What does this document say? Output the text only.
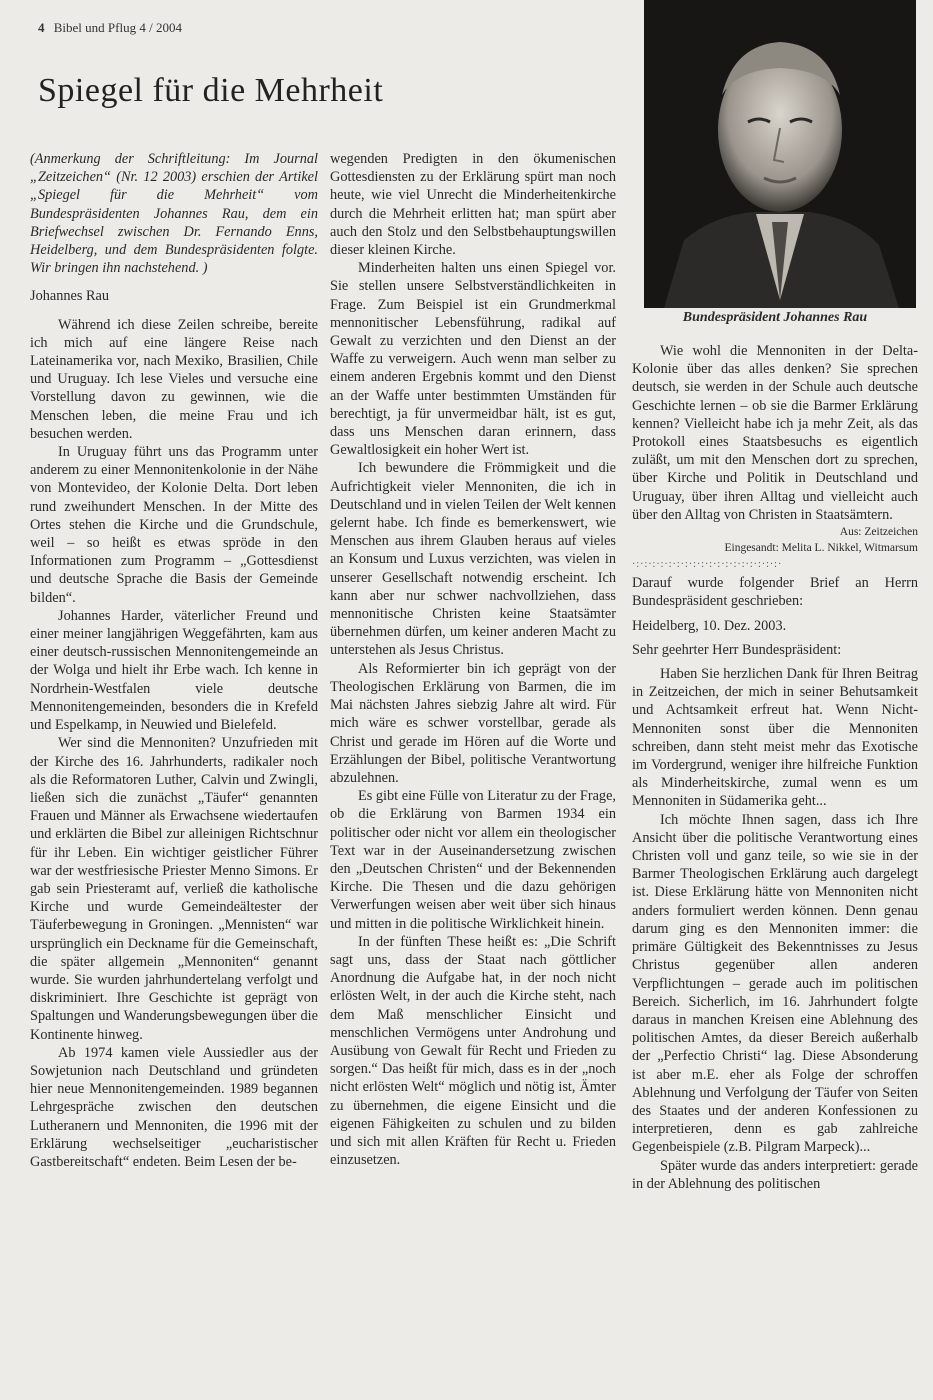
4 Bibel und Pflug 4 / 2004
Spiegel für die Mehrheit

(Anmerkung der Schriftleitung: Im Journal „Zeitzeichen“ (Nr. 12 2003) erschien der Artikel „Spiegel für die Mehrheit“ vom Bundespräsidenten Johannes Rau, dem ein Briefwechsel zwischen Dr. Fernando Enns, Heidelberg, und dem Bundespräsidenten folgte. Wir bringen ihn nachstehend. )

Johannes Rau

Während ich diese Zeilen schreibe, bereite ich mich auf eine längere Reise nach Lateinamerika vor, nach Mexiko, Brasilien, Chile und Uruguay. Ich lese Vieles und versuche eine Vorstellung davon zu gewinnen, wie die Menschen leben, die meine Frau und ich besuchen werden.

In Uruguay führt uns das Programm unter anderem zu einer Mennonitenkolonie in der Nähe von Montevideo, der Kolonie Delta. Dort leben rund zweihundert Menschen. In der Mitte des Ortes stehen die Kirche und die Grundschule, weil – so heißt es etwas spröde in den Informationen zum Programm – „Gottesdienst und deutsche Sprache die Basis der Gemeinde bilden“.

Johannes Harder, väterlicher Freund und einer meiner langjährigen Weggefährten, kam aus einer deutsch-russischen Mennonitengemeinde an der Wolga und hielt ihr Erbe wach. Ich kenne in Nordrhein-Westfalen viele deutsche Mennonitengemeinden, besonders die in Krefeld und Espelkamp, in Neuwied und Bielefeld.

Wer sind die Mennoniten? Unzufrieden mit der Kirche des 16. Jahrhunderts, radikaler noch als die Reformatoren Luther, Calvin und Zwingli, ließen sich die zunächst „Täufer“ genannten Frauen und Männer als Erwachsene wiedertaufen und erklärten die Bibel zur alleinigen Richtschnur für ihr Leben. Ein wichtiger geistlicher Führer war der westfriesische Priester Menno Simons. Er gab sein Priesteramt auf, verließ die katholische Kirche und wurde Gemeindeältester der Täuferbewegung in Groningen. „Mennisten“ war ursprünglich ein Deckname für die Gemeinschaft, die später allgemein „Mennoniten“ genannt wurde. Sie wurden jahrhundertelang verfolgt und diskriminiert. Ihre Geschichte ist geprägt von Spaltungen und Wanderungsbewegungen über die Kontinente hinweg.

Ab 1974 kamen viele Aussiedler aus der Sowjetunion nach Deutschland und gründeten hier neue Mennonitengemeinden. 1989 begannen Lehrgespräche zwischen den deutschen Lutheranern und Mennoniten, die 1996 mit der Erklärung wechselseitiger „eucharistischer Gastbereitschaft“ endeten. Beim Lesen der be-

wegenden Predigten in den ökumenischen Gottesdiensten zu der Erklärung spürt man noch heute, wie viel Unrecht die Minderheitenkirche durch die Mehrheit erlitten hat; man spürt aber auch den Stolz und den Selbstbehauptungswillen dieser kleinen Kirche.

Minderheiten halten uns einen Spiegel vor. Sie stellen unsere Selbstverständlichkeiten in Frage. Zum Beispiel ist ein Grundmerkmal mennonitischer Lebensführung, radikal auf Gewalt zu verzichten und den Dienst an der Waffe zu verweigern. Auch wenn man selber zu einem anderen Ergebnis kommt und den Dienst an der Waffe unter bestimmten Umständen für berechtigt, ja für unvermeidbar hält, ist es gut, dass uns Menschen daran erinnern, dass Gewaltlosigkeit ein hoher Wert ist.

Ich bewundere die Frömmigkeit und die Aufrichtigkeit vieler Mennoniten, die ich in Deutschland und in vielen Teilen der Welt kennen gelernt habe. Ich finde es bemerkenswert, wie Menschen aus ihrem Glauben heraus auf vieles an Konsum und Luxus verzichten, was vielen in unserer Gesellschaft notwendig erscheint. Ich kann aber nur schwer nachvollziehen, dass mennonitische Christen keine Staatsämter übernehmen dürfen, um keiner anderen Macht zu unterstehen als Jesus Christus.

Als Reformierter bin ich geprägt von der Theologischen Erklärung von Barmen, die im Mai nächsten Jahres siebzig Jahre alt wird. Für mich wäre es schwer vorstellbar, gerade als Christ und gerade im Hören auf die Worte und Erzählungen der Bibel, politische Verantwortung abzulehnen.

Es gibt eine Fülle von Literatur zu der Frage, ob die Erklärung von Barmen 1934 ein politischer oder nicht vor allem ein theologischer Text war in der Auseinandersetzung zwischen den „Deutschen Christen“ und der Bekennenden Kirche. Die Thesen und die dazu gehörigen Verwerfungen weisen aber weit über sich hinaus und mitten in die politische Wirklichkeit hinein.

In der fünften These heißt es: „Die Schrift sagt uns, dass der Staat nach göttlicher Anordnung die Aufgabe hat, in der noch nicht erlösten Welt, in der auch die Kirche steht, nach dem Maß menschlicher Einsicht und menschlichen Vermögens unter Androhung und Ausübung von Gewalt für Recht und Frieden zu sorgen.“ Das heißt für mich, dass es in der „noch nicht erlösten Welt“ möglich und nötig ist, Ämter zu übernehmen, die eigene Einsicht und die eigenen Fähigkeiten zu schulen und zu bilden und sich mit allen Kräften für Recht u. Frieden einzusetzen.

Bundespräsident Johannes Rau

Wie wohl die Mennoniten in der Delta-Kolonie über das alles denken? Sie sprechen deutsch, sie werden in der Schule auch deutsche Geschichte lernen – ob sie die Barmer Erklärung kennen? Vielleicht habe ich ja mehr Zeit, als das Protokoll eines Staatsbesuchs es eigentlich zuläßt, um mit den Menschen dort zu sprechen, über Kirche und Politik in Deutschland und Uruguay, über ihren Alltag und vielleicht auch über den Alltag von Christen in Staatsämtern.

Aus: Zeitzeichen

Eingesandt: Melita L. Nikkel, Witmarsum

·:·:·:·:·:·:·:·:·:·:·:·:·:·:·:·:·:·:·

Darauf wurde folgender Brief an Herrn Bundespräsident geschrieben:

Heidelberg, 10. Dez. 2003.

Sehr geehrter Herr Bundespräsident:

Haben Sie herzlichen Dank für Ihren Beitrag in Zeitzeichen, der mich in seiner Behutsamkeit und Achtsamkeit erfreut hat. Wenn Nicht-Mennoniten sonst über die Mennoniten schreiben, dann steht meist mehr das Exotische im Vordergrund, weniger ihre hilfreiche Funktion als Minderheitskirche, zumal wenn es um Mennoniten in Südamerika geht...

Ich möchte Ihnen sagen, dass ich Ihre Ansicht über die politische Verantwortung eines Christen voll und ganz teile, so wie sie in der Barmer Theologischen Erklärung auch dargelegt ist. Diese Erklärung hätte von Mennoniten nicht anders formuliert werden können. Denn genau darum ging es den Mennoniten immer: die primäre Gültigkeit des Bekenntnisses zu Jesus Christus gegenüber allen anderen Verpflichtungen – gerade auch im politischen Bereich. Sicherlich, im 16. Jahrhundert folgte daraus in manchen Kreisen eine Ablehnung des politischen Amtes, da dieser Bereich außerhalb der „Perfectio Christi“ lag. Diese Absonderung ist aber m.E. eher als Folge der schroffen Ablehnung und Verfolgung der Täufer von Seiten des Staates und der anderen Konfessionen zu interpretieren, denn es gab zahlreiche Gegenbeispiele (z.B. Pilgram Marpeck)...

Später wurde das anders interpretiert: gerade in der Ablehnung des politischen
